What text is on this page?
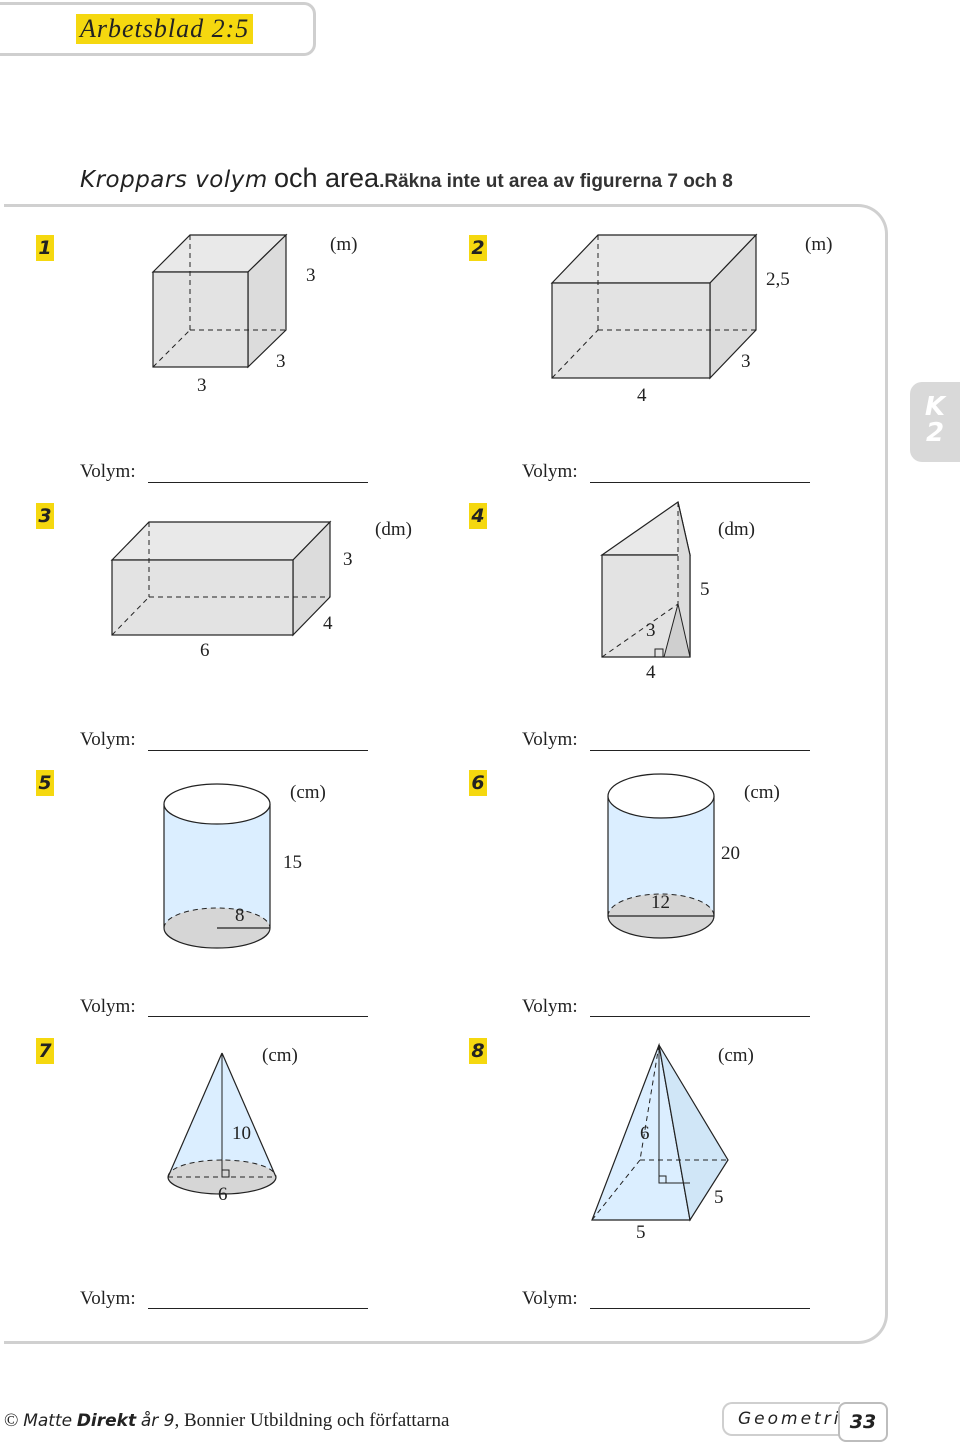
Arbetsblad 2:5
Kroppars volym och area.Räkna inte ut area av figurerna 7 och 8
K
2
1	(m)
3
3
3
Volym:
2	(m)
2,5
4
3
Volym:
3
(dm)
3
6
4
Volym:
4
(dm)
5
3
4
Volym:
5	(cm)
15
8
Volym:
6	(cm)
20
12
Volym:
7	(cm)
10
6
Volym:
8	(cm)
6
5
5
Volym:
© Matte Direkt år 9, Bonnier Utbildning och författarna	Geometri 33
